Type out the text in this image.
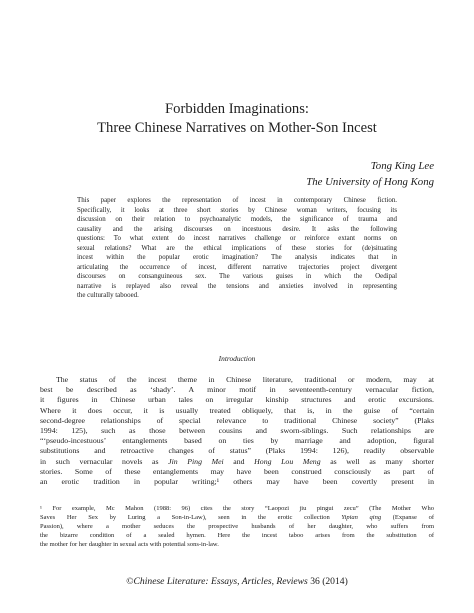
Forbidden Imaginations:
Three Chinese Narratives on Mother-Son Incest
Tong King Lee
The University of Hong Kong
This paper explores the representation of incest in contemporary Chinese fiction.
Specifically, it looks at three short stories by Chinese woman writers, focusing its
discussion on their relation to psychoanalytic models, the significance of trauma and
causality and the arising discourses on incestuous desire. It asks the following
questions: To what extent do incest narratives challenge or reinforce extant norms on
sexual relations? What are the ethical implications of these stories for (de)situating
incest within the popular erotic imagination? The analysis indicates that in
articulating the occurrence of incest, different narrative trajectories project divergent
discourses on consanguineous sex. The various guises in which the Oedipal
narrative is replayed also reveal the tensions and anxieties involved in representing
the culturally tabooed.
Introduction
The status of the incest theme in Chinese literature, traditional or modern, may at
best be described as ‘shady’. A minor motif in seventeenth-century vernacular fiction,
it figures in Chinese urban tales on irregular kinship structures and erotic excursions.
Where it does occur, it is usually treated obliquely, that is, in the guise of “certain
second-degree relationships of special relevance to traditional Chinese society” (Plaks
1994: 125), such as those between cousins and sworn-siblings. Such relationships are
“‘pseudo-incestuous’ entanglements based on ties by marriage and adoption, figural
substitutions and retroactive changes of status” (Plaks 1994: 126), readily observable
in such vernacular novels as Jin Ping Mei and Hong Lou Meng as well as many shorter
stories. Some of these entanglements may have been construed consciously as part of
an erotic tradition in popular writing;¹ others may have been covertly present in
¹ For example, Mc Mahon (1988: 96) cites the story “Laopozi jiu pingui zecu” (The Mother Who
Saves Her Sex by Luring a Son-in-Law), seen in the erotic collection Yipian qing (Expanse of
Passion), where a mother seduces the prospective husbands of her daughter, who suffers from
the bizarre condition of a sealed hymen. Here the incest taboo arises from the substitution of
the mother for her daughter in sexual acts with potential sons-in-law.
©Chinese Literature: Essays, Articles, Reviews 36 (2014)
